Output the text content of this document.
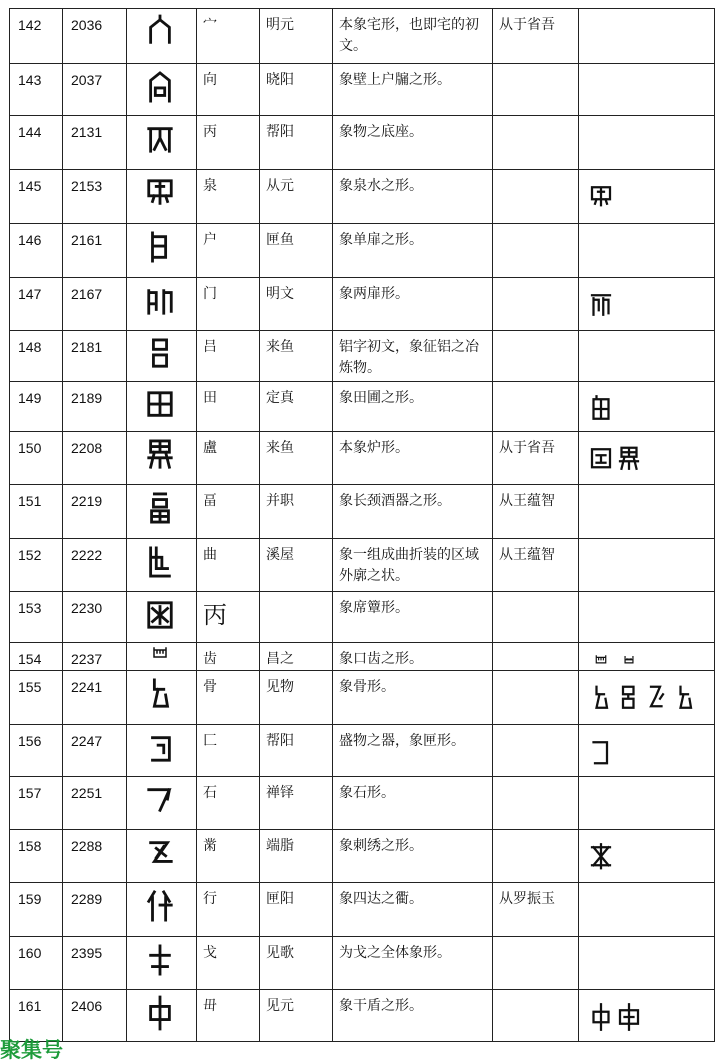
142	2036		宀	明元	本象宅形，也即宅的初文。	从于省吾	

143	2037		向	晓阳	象壁上户牖之形。		

144	2131		丙	帮阳	象物之底座。		

145	2153		泉	从元	象泉水之形。		

146	2161		户	匣鱼	象单扉之形。		

147	2167		门	明文	象两扉形。		

148	2181		吕	来鱼	铝字初文，象征铝之冶炼物。		

149	2189		田	定真	象田圃之形。		

150	2208		盧	来鱼	本象炉形。	从于省吾	

151	2219		畐	并职	象长颈酒器之形。	从王蕴智	

152	2222		曲	溪屋	象一组成曲折装的区域外廓之状。	从王蕴智	

153	2230		丙		象席簟形。		

154	2237		齿	昌之	象口齿之形。		

155	2241		骨	见物	象骨形。		

156	2247		匚	帮阳	盛物之器，象匣形。		

157	2251		石	禅铎	象石形。		

158	2288		黹	端脂	象刺绣之形。		

159	2289		行	匣阳	象四达之衢。	从罗振玉	

160	2395		戈	见歌	为戈之全体象形。		

161	2406		毌	见元	象干盾之形。		
聚集号
